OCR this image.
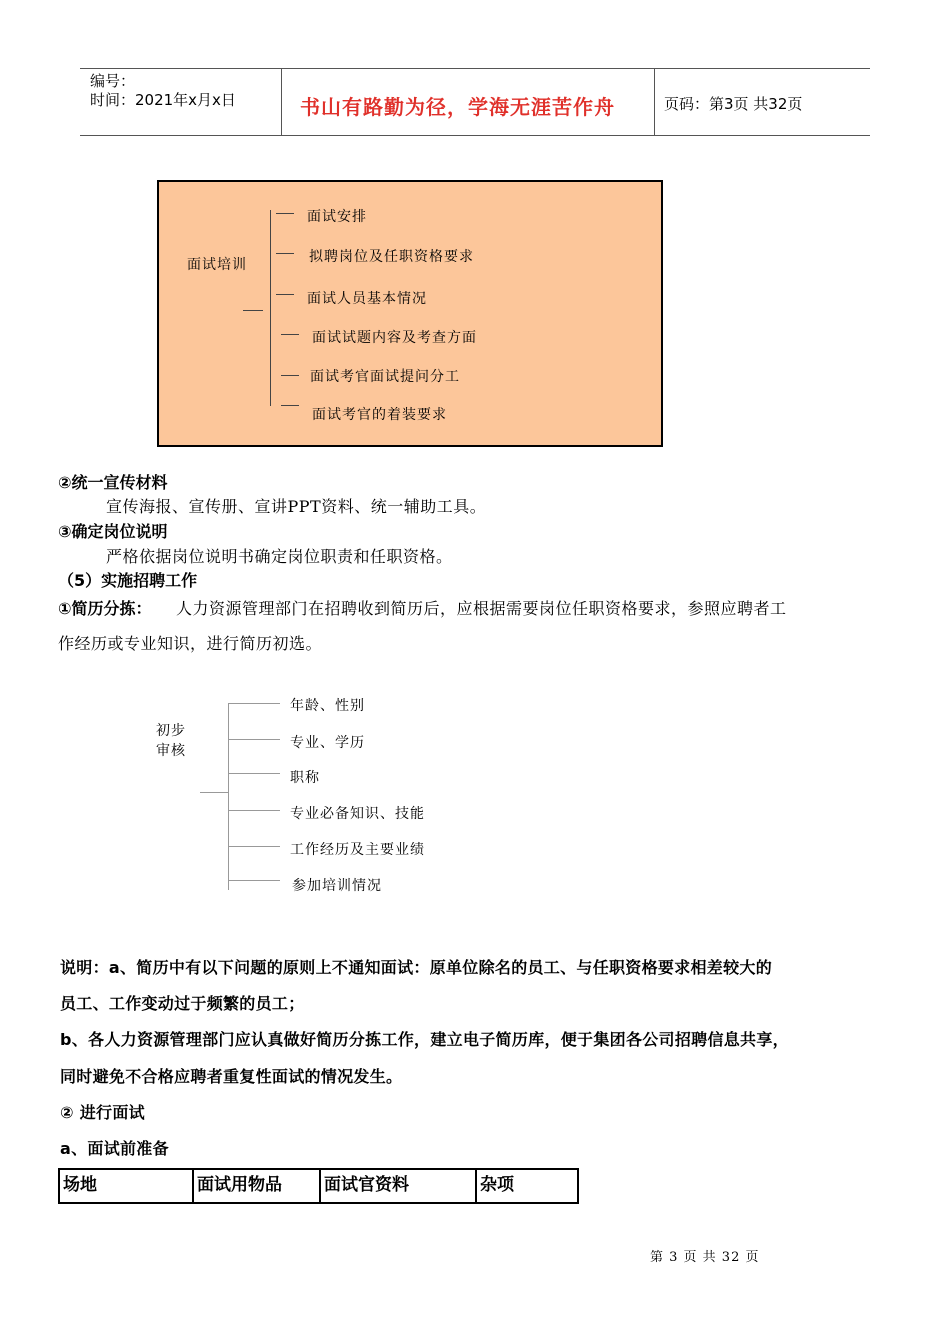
编号：
时间：2021年x月x日	书山有路勤为径，学海无涯苦作舟	页码：第3页 共32页
面试培训
面试安排
拟聘岗位及任职资格要求
面试人员基本情况
面试试题内容及考查方面
面试考官面试提问分工
面试考官的着装要求
②统一宣传材料
宣传海报、宣传册、宣讲PPT资料、统一辅助工具。
③确定岗位说明
严格依据岗位说明书确定岗位职责和任职资格。
（5）实施招聘工作
①简历分拣： 人力资源管理部门在招聘收到简历后，应根据需要岗位任职资格要求，参照应聘者工
作经历或专业知识，进行简历初选。
初步
审核
年龄、性别
专业、学历
职称
专业必备知识、技能
工作经历及主要业绩
参加培训情况
说明：a、简历中有以下问题的原则上不通知面试：原单位除名的员工、与任职资格要求相差较大的
员工、工作变动过于频繁的员工；
b、各人力资源管理部门应认真做好简历分拣工作，建立电子简历库，便于集团各公司招聘信息共享，
同时避免不合格应聘者重复性面试的情况发生。
② 进行面试
a、面试前准备
场地	面试用物品	面试官资料	杂项
第 3 页 共 32 页
